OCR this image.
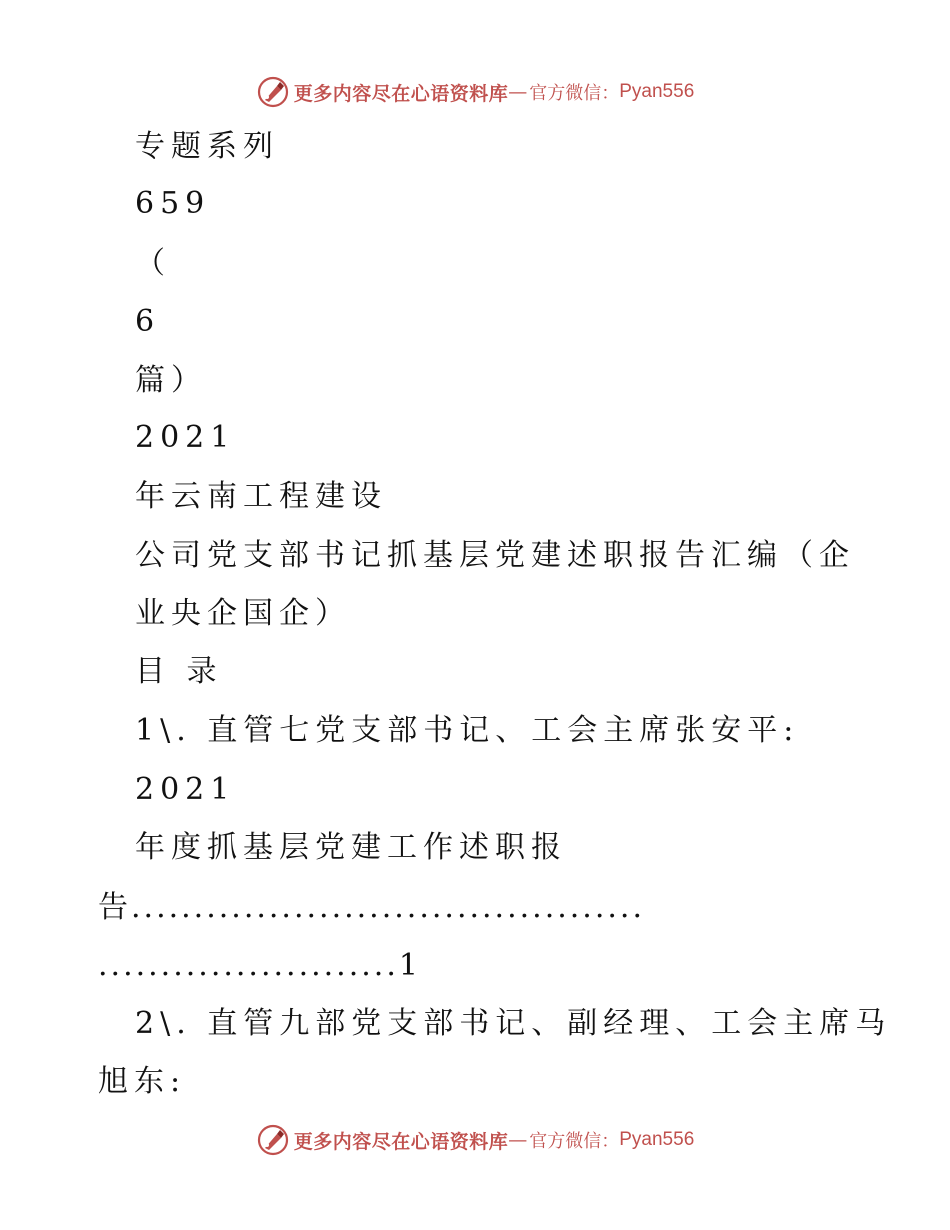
更多内容尽在心语资料库 — 官方微信： Pyan556
专题系列
659
（
6
篇）
2021
年云南工程建设
公司党支部书记抓基层党建述职报告汇编（企
业央企国企）
目 录
1\. 直管七党支部书记、工会主席张安平:
2021
年度抓基层党建工作述职报
告.........................................
........................1
2\. 直管九部党支部书记、副经理、工会主席马
旭东:
更多内容尽在心语资料库 — 官方微信： Pyan556
